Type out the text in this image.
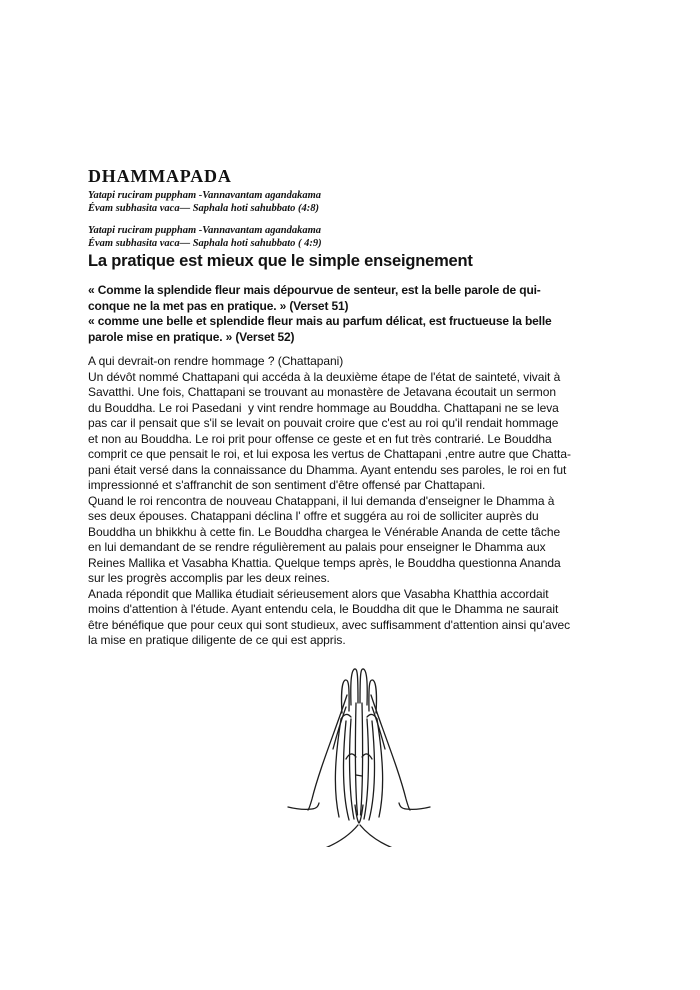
DHAMMAPADA
Yatapi ruciram puppham -Vannavantam agandakama
Évam subhasita vaca— Saphala hoti sahubbato (4:8)
Yatapi ruciram puppham -Vannavantam agandakama
Évam subhasita vaca— Saphala hoti sahubbato ( 4:9)
La pratique est mieux que le simple enseignement
« Comme la splendide fleur mais dépourvue de senteur, est la belle parole de qui-
conque ne la met pas en pratique. » (Verset 51)
« comme une belle et splendide fleur mais au parfum délicat, est fructueuse la belle
parole mise en pratique. » (Verset 52)
A qui devrait-on rendre hommage ? (Chattapani)
Un dévôt nommé Chattapani qui accéda à la deuxième étape de l'état de sainteté, vivait à
Savatthi. Une fois, Chattapani se trouvant au monastère de Jetavana écoutait un sermon
du Bouddha. Le roi Pasedani  y vint rendre hommage au Bouddha. Chattapani ne se leva
pas car il pensait que s'il se levait on pouvait croire que c'est au roi qu'il rendait hommage
et non au Bouddha. Le roi prit pour offense ce geste et en fut très contrarié. Le Bouddha
comprit ce que pensait le roi, et lui exposa les vertus de Chattapani ,entre autre que Chatta-
pani était versé dans la connaissance du Dhamma. Ayant entendu ses paroles, le roi en fut
impressionné et s'affranchit de son sentiment d'être offensé par Chattapani.
Quand le roi rencontra de nouveau Chatappani, il lui demanda d'enseigner le Dhamma à
ses deux épouses. Chatappani déclina l' offre et suggéra au roi de solliciter auprès du
Bouddha un bhikkhu à cette fin. Le Bouddha chargea le Vénérable Ananda de cette tâche
en lui demandant de se rendre régulièrement au palais pour enseigner le Dhamma aux
Reines Mallika et Vasabha Khattia. Quelque temps après, le Bouddha questionna Ananda
sur les progrès accomplis par les deux reines.
Anada répondit que Mallika étudiait sérieusement alors que Vasabha Khatthia accordait
moins d'attention à l'étude. Ayant entendu cela, le Bouddha dit que le Dhamma ne saurait
être bénéfique que pour ceux qui sont studieux, avec suffisamment d'attention ainsi qu'avec
la mise en pratique diligente de ce qui est appris.
